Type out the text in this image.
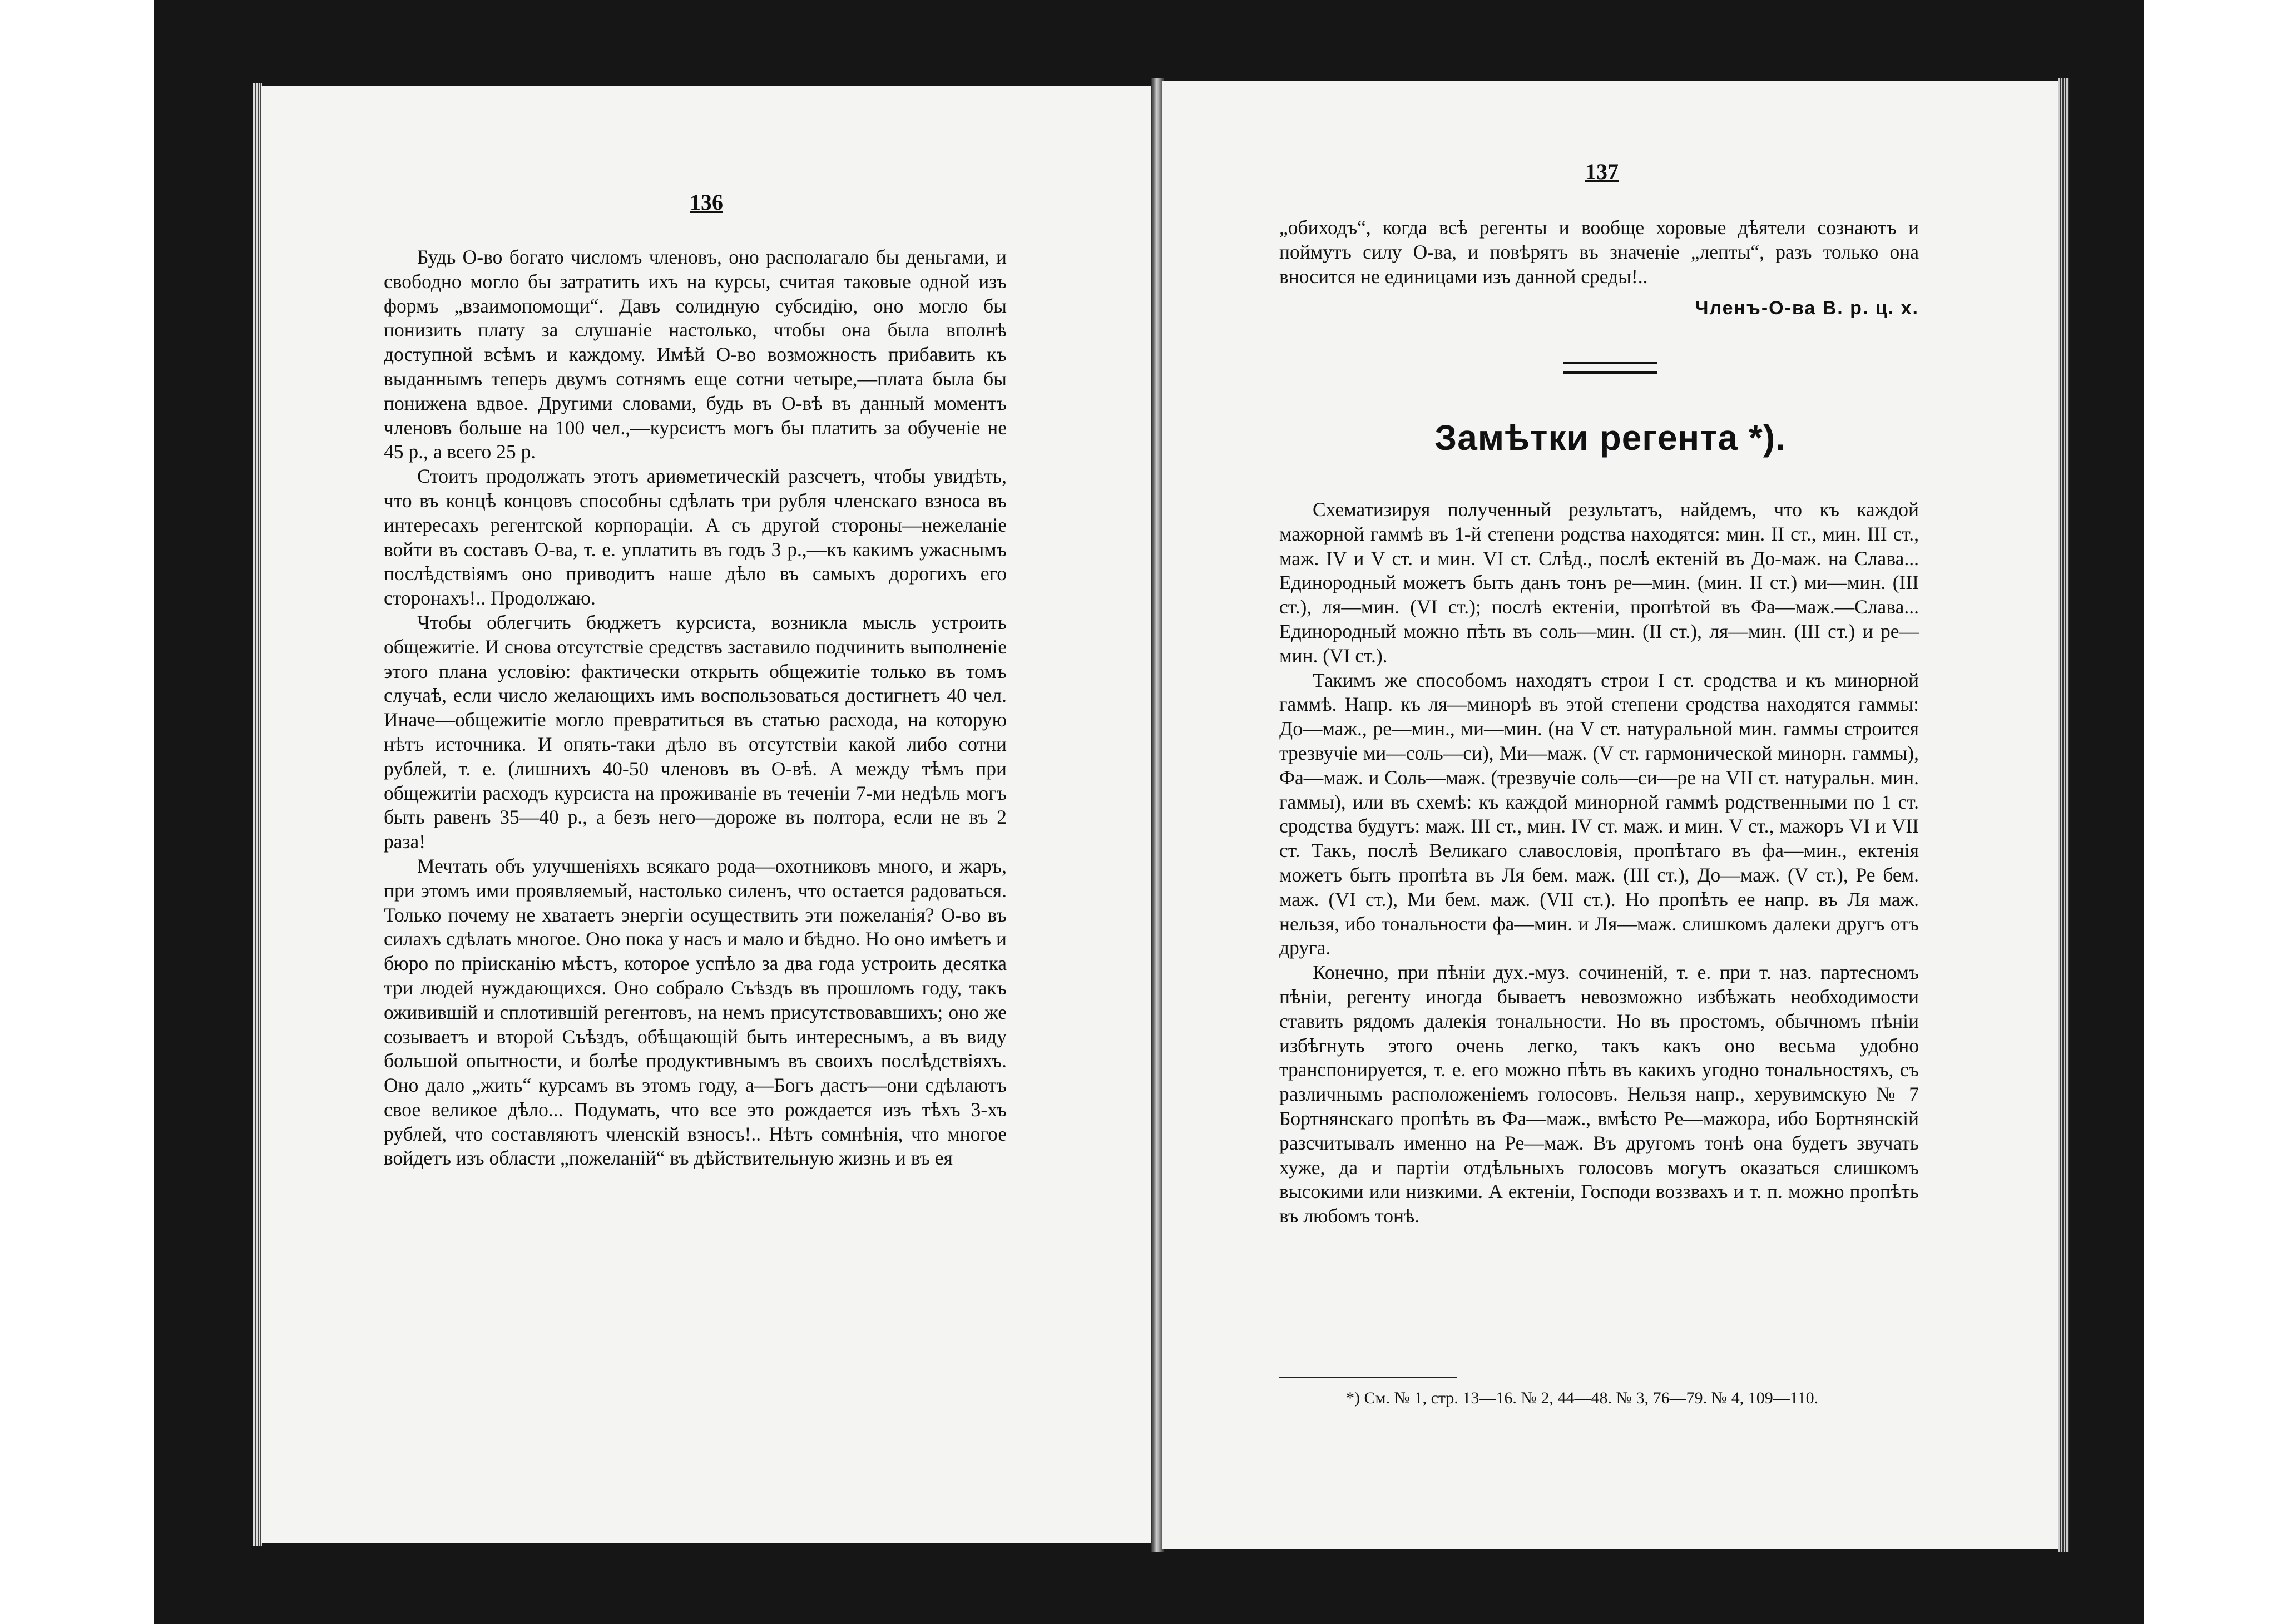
136

Будь О-во богато числомъ членовъ, оно располагало бы деньгами, и свободно могло бы затратить ихъ на курсы, считая таковые одной изъ формъ „взаимопомощи“. Давъ солидную субсидію, оно могло бы понизить плату за слушаніе настолько, чтобы она была вполнѣ доступной всѣмъ и каждому. Имѣй О-во возможность прибавить къ выданнымъ теперь двумъ сотнямъ еще сотни четыре,—плата была бы понижена вдвое. Другими словами, будь въ О-вѣ въ данный моментъ членовъ больше на 100 чел.,—курсистъ могъ бы платить за обученіе не 45 р., а всего 25 р.

Стоитъ продолжать этотъ ариѳметическій разсчетъ, чтобы увидѣть, что въ концѣ концовъ способны сдѣлать три рубля членскаго взноса въ интересахъ регентской корпораціи. А съ другой стороны—нежеланіе войти въ составъ О-ва, т. е. уплатить въ годъ 3 р.,—къ какимъ ужаснымъ послѣдствіямъ оно приводитъ наше дѣло въ самыхъ дорогихъ его сторонахъ!.. Продолжаю.

Чтобы облегчить бюджетъ курсиста, возникла мысль устроить общежитіе. И снова отсутствіе средствъ заставило подчинить выполненіе этого плана условію: фактически открыть общежитіе только въ томъ случаѣ, если число желающихъ имъ воспользоваться достигнетъ 40 чел. Иначе—общежитіе могло превратиться въ статью расхода, на которую нѣтъ источника. И опять-таки дѣло въ отсутствіи какой либо сотни рублей, т. е. (лишнихъ 40-50 членовъ въ О-вѣ. А между тѣмъ при общежитіи расходъ курсиста на проживаніе въ теченіи 7-ми недѣль могъ быть равенъ 35—40 р., а безъ него—дороже въ полтора, если не въ 2 раза!

Мечтать объ улучшеніяхъ всякаго рода—охотниковъ много, и жаръ, при этомъ ими проявляемый, настолько силенъ, что остается радоваться. Только почему не хватаетъ энергіи осуществить эти пожеланія? О-во въ силахъ сдѣлать многое. Оно пока у насъ и мало и бѣдно. Но оно имѣетъ и бюро по пріисканію мѣстъ, которое успѣло за два года устроить десятка три людей нуждающихся. Оно собрало Съѣздъ въ прошломъ году, такъ оживившій и сплотившій регентовъ, на немъ присутствовавшихъ; оно же созываетъ и второй Съѣздъ, обѣщающій быть интереснымъ, а въ виду большой опытности, и болѣе продуктивнымъ въ своихъ послѣдствіяхъ. Оно дало „жить“ курсамъ въ этомъ году, а—Богъ дастъ—они сдѣлаютъ свое великое дѣло... Подумать, что все это рождается изъ тѣхъ 3-хъ рублей, что составляютъ членскій взносъ!.. Нѣтъ сомнѣнія, что многое войдетъ изъ области „пожеланій“ въ дѣйствительную жизнь и въ ея

137

„обиходъ“, когда всѣ регенты и вообще хоровые дѣятели сознаютъ и поймутъ силу О-ва, и повѣрятъ въ значеніе „лепты“, разъ только она вносится не единицами изъ данной среды!..

Членъ-О-ва В. р. ц. х.
Замѣтки регента *).

Схематизируя полученный результатъ, найдемъ, что къ каждой мажорной гаммѣ въ 1-й степени родства находятся: мин. II ст., мин. III ст., маж. IV и V ст. и мин. VI ст. Слѣд., послѣ ектеній въ До-маж. на Слава... Единородный можетъ быть данъ тонъ ре—мин. (мин. II ст.) ми—мин. (III ст.), ля—мин. (VI ст.); послѣ ектеніи, пропѣтой въ Фа—маж.—Слава... Единородный можно пѣть въ соль—мин. (II ст.), ля—мин. (III ст.) и ре—мин. (VI ст.).

Такимъ же способомъ находятъ строи I ст. сродства и къ минорной гаммѣ. Напр. къ ля—минорѣ въ этой степени сродства находятся гаммы: До—маж., ре—мин., ми—мин. (на V ст. натуральной мин. гаммы строится трезвучіе ми—соль—си), Ми—маж. (V ст. гармонической минорн. гаммы), Фа—маж. и Соль—маж. (трезвучіе соль—си—ре на VII ст. натуральн. мин. гаммы), или въ схемѣ: къ каждой минорной гаммѣ родственными по 1 ст. сродства будутъ: маж. III ст., мин. IV ст. маж. и мин. V ст., мажоръ VI и VII ст. Такъ, послѣ Великаго славословія, пропѣтаго въ фа—мин., ектенія можетъ быть пропѣта въ Ля бем. маж. (III ст.), До—маж. (V ст.), Ре бем. маж. (VI ст.), Ми бем. маж. (VII ст.). Но пропѣть ее напр. въ Ля маж. нельзя, ибо тональности фа—мин. и Ля—маж. слишкомъ далеки другъ отъ друга.

Конечно, при пѣніи дух.-муз. сочиненій, т. е. при т. наз. партесномъ пѣніи, регенту иногда бываетъ невозможно избѣжать необходимости ставить рядомъ далекія тональности. Но въ простомъ, обычномъ пѣніи избѣгнуть этого очень легко, такъ какъ оно весьма удобно транспонируется, т. е. его можно пѣть въ какихъ угодно тональностяхъ, съ различнымъ расположеніемъ голосовъ. Нельзя напр., херувимскую № 7 Бортнянскаго пропѣть въ Фа—маж., вмѣсто Ре—мажора, ибо Бортнянскій разсчитывалъ именно на Ре—маж. Въ другомъ тонѣ она будетъ звучать хуже, да и партіи отдѣльныхъ голосовъ могутъ оказаться слишкомъ высокими или низкими. А ектеніи, Господи воззвахъ и т. п. можно пропѣть въ любомъ тонѣ.

*) См. № 1, стр. 13—16. № 2, 44—48. № 3, 76—79. № 4, 109—110.
